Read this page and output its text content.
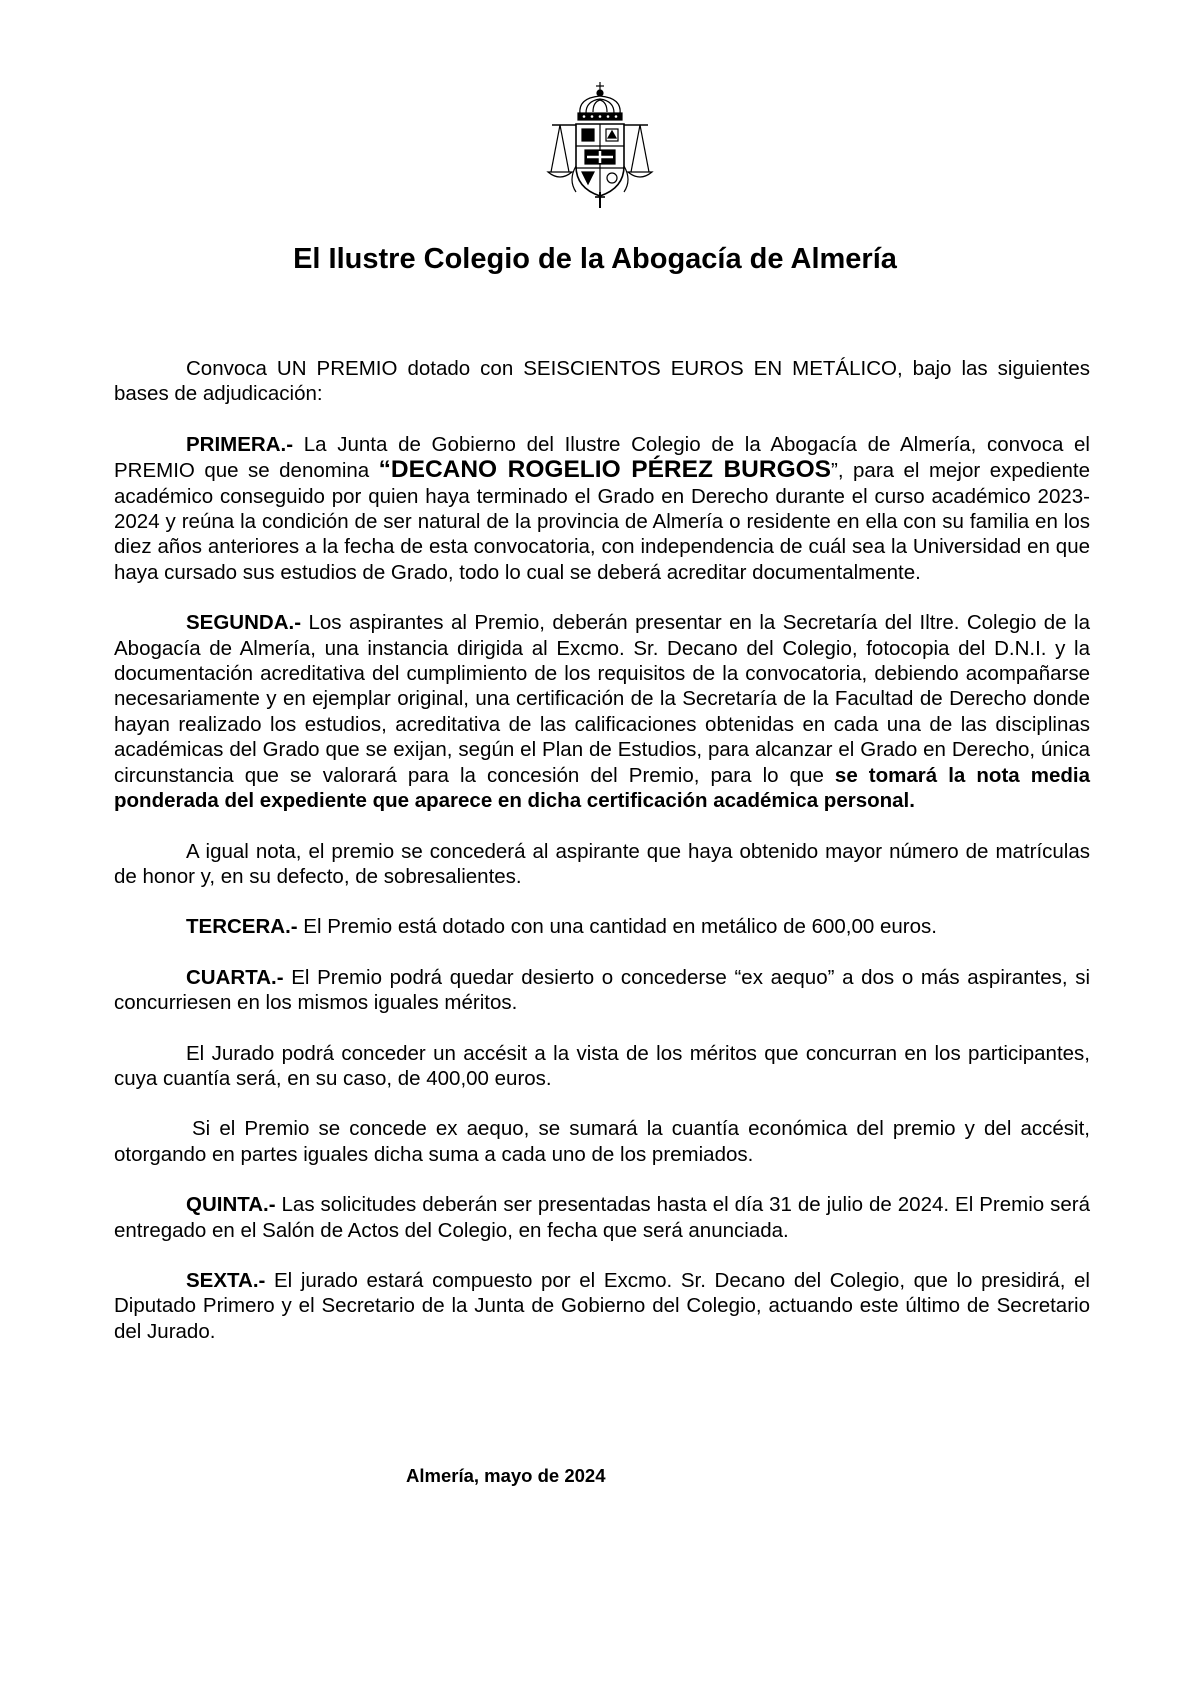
El Ilustre Colegio de la Abogacía de Almería

Convoca UN PREMIO dotado con SEISCIENTOS EUROS EN METÁLICO, bajo las siguientes bases de adjudicación:

PRIMERA.- La Junta de Gobierno del Ilustre Colegio de la Abogacía de Almería, convoca el PREMIO que se denomina “DECANO ROGELIO PÉREZ BURGOS”, para el mejor expediente académico conseguido por quien haya terminado el Grado en Derecho durante el curso académico 2023-2024 y reúna la condición de ser natural de la provincia de Almería o residente en ella con su familia en los diez años anteriores a la fecha de esta convocatoria, con independencia de cuál sea la Universidad en que haya cursado sus estudios de Grado, todo lo cual se deberá acreditar documentalmente.

SEGUNDA.- Los aspirantes al Premio, deberán presentar en la Secretaría del Iltre. Colegio de la Abogacía de Almería, una instancia dirigida al Excmo. Sr. Decano del Colegio, fotocopia del D.N.I. y la documentación acreditativa del cumplimiento de los requisitos de la convocatoria, debiendo acompañarse necesariamente y en ejemplar original, una certificación de la Secretaría de la Facultad de Derecho donde hayan realizado los estudios, acreditativa de las calificaciones obtenidas en cada una de las disciplinas académicas del Grado que se exijan, según el Plan de Estudios, para alcanzar el Grado en Derecho, única circunstancia que se valorará para la concesión del Premio, para lo que se tomará la nota media ponderada del expediente que aparece en dicha certificación académica personal.

A igual nota, el premio se concederá al aspirante que haya obtenido mayor número de matrículas de honor y, en su defecto, de sobresalientes.

TERCERA.- El Premio está dotado con una cantidad en metálico de 600,00 euros.

CUARTA.- El Premio podrá quedar desierto o concederse “ex aequo” a dos o más aspirantes, si concurriesen en los mismos iguales méritos.

El Jurado podrá conceder un accésit a la vista de los méritos que concurran en los participantes, cuya cuantía será, en su caso, de 400,00 euros.

Si el Premio se concede ex aequo, se sumará la cuantía económica del premio y del accésit, otorgando en partes iguales dicha suma a cada uno de los premiados.

QUINTA.- Las solicitudes deberán ser presentadas hasta el día 31 de julio de 2024. El Premio será entregado en el Salón de Actos del Colegio, en fecha que será anunciada.

SEXTA.- El jurado estará compuesto por el Excmo. Sr. Decano del Colegio, que lo presidirá, el Diputado Primero y el Secretario de la Junta de Gobierno del Colegio, actuando este último de Secretario del Jurado.

Almería, mayo de 2024
